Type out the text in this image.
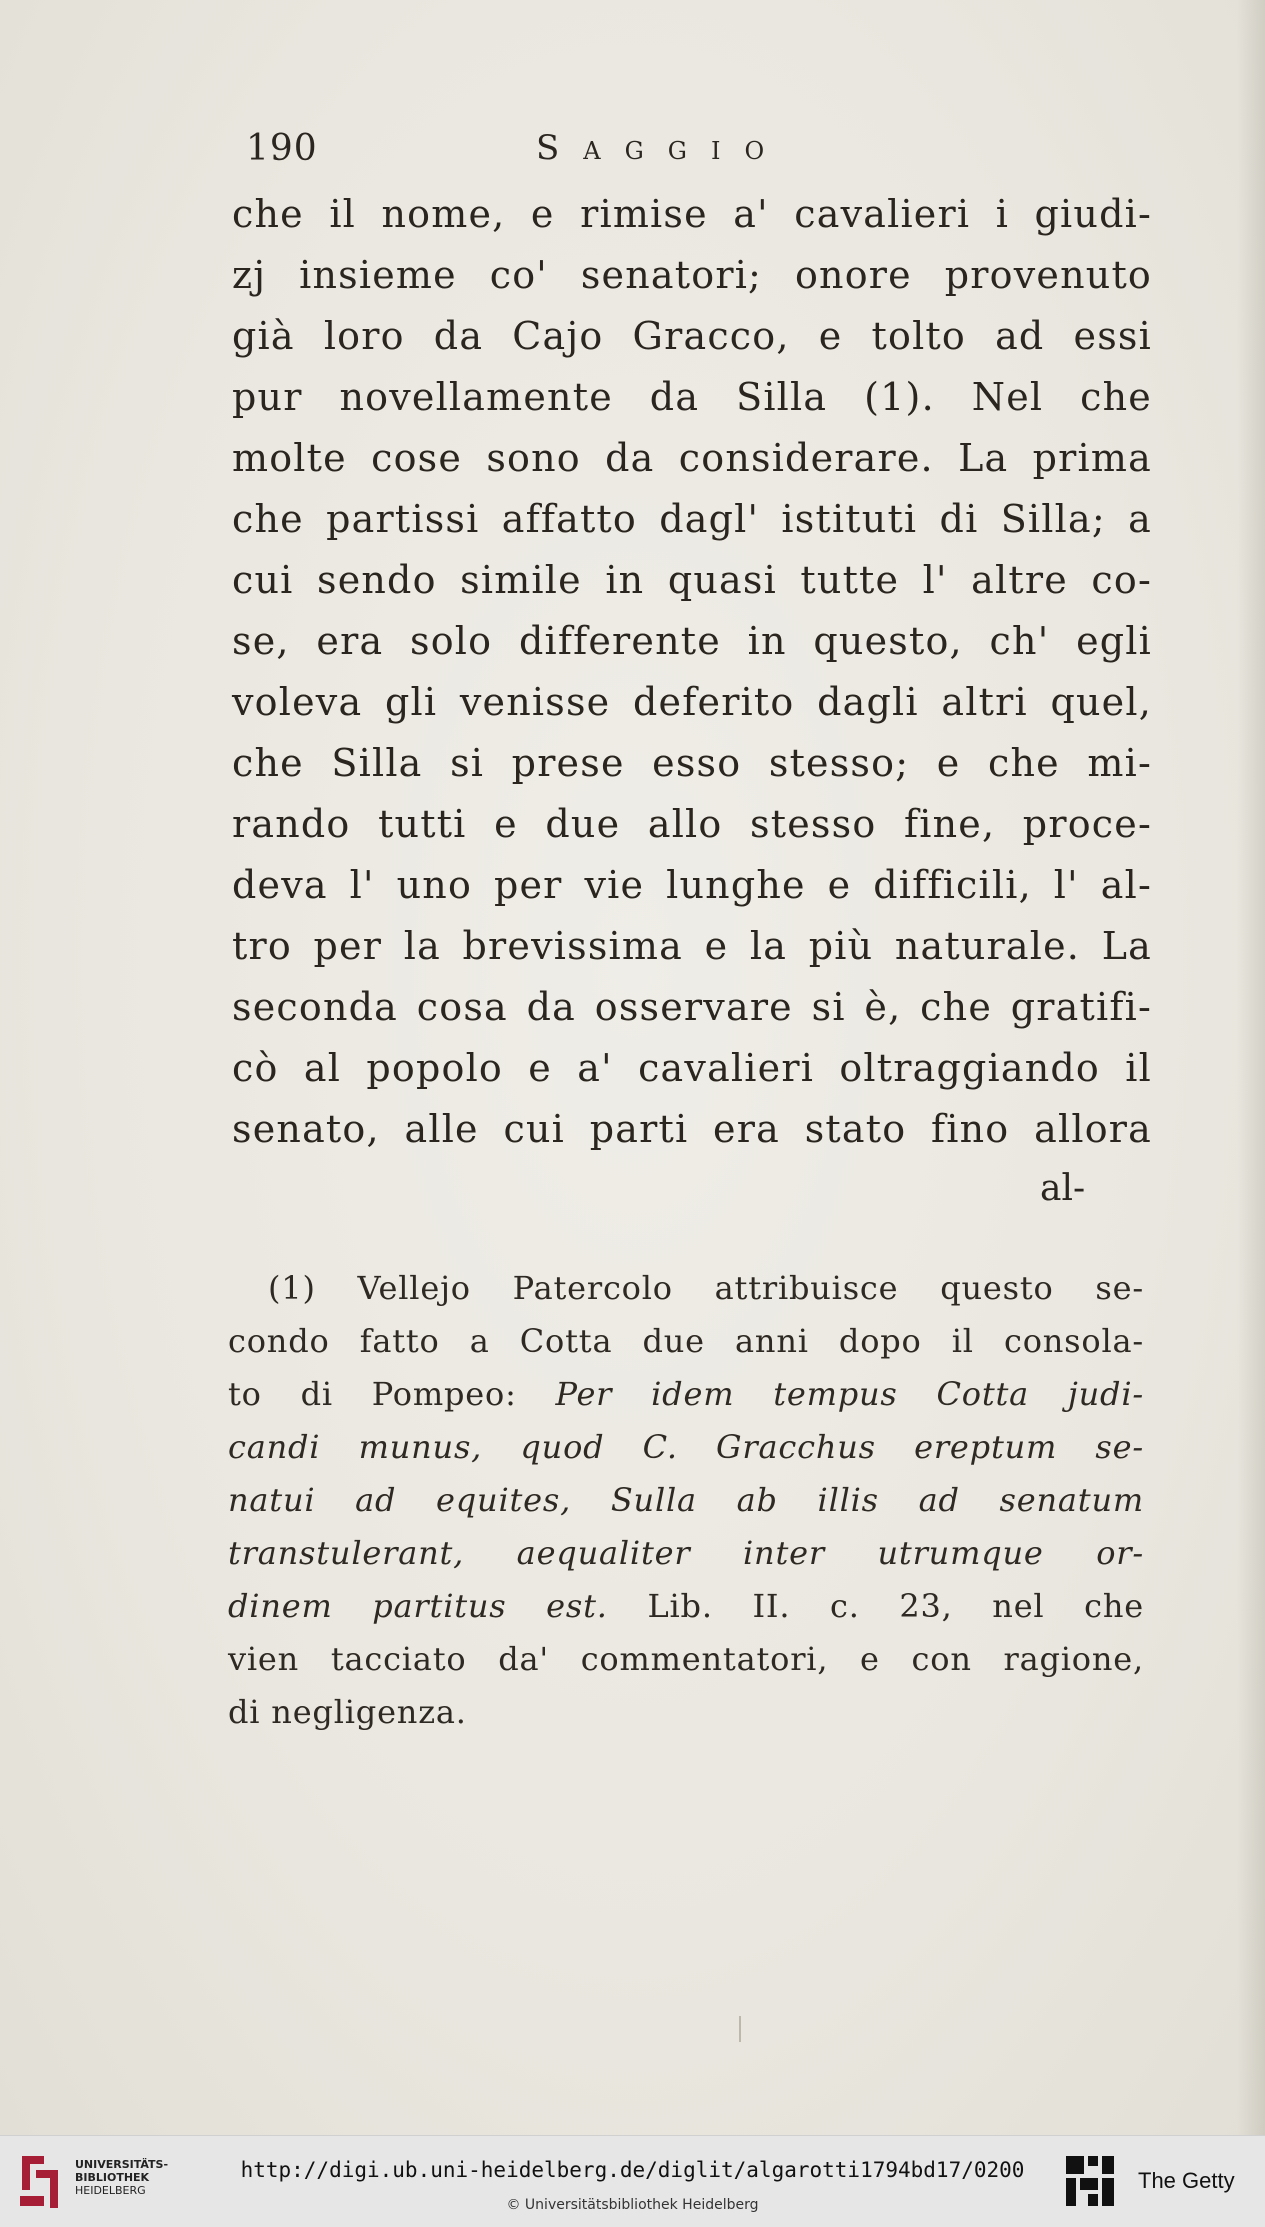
190	Saggio
che il nome, e rimise a' cavalieri i giudi-
zj insieme co' senatori; onore provenuto
già loro da Cajo Gracco, e tolto ad essi
pur novellamente da Silla (1). Nel che
molte cose sono da considerare. La prima
che partissi affatto dagl' istituti di Silla; a
cui sendo simile in quasi tutte l' altre co-
se, era solo differente in questo, ch' egli
voleva gli venisse deferito dagli altri quel,
che Silla si prese esso stesso; e che mi-
rando tutti e due allo stesso fine, proce-
deva l' uno per vie lunghe e difficili, l' al-
tro per la brevissima e la più naturale. La
seconda cosa da osservare si è, che gratifi-
cò al popolo e a' cavalieri oltraggiando il
senato, alle cui parti era stato fino allora
al-
(1) Vellejo Patercolo attribuisce questo se-
condo fatto a Cotta due anni dopo il consola-
to di Pompeo: Per idem tempus Cotta judi-
candi munus, quod C. Gracchus ereptum se-
natui ad equites, Sulla ab illis ad senatum
transtulerant, aequaliter inter utrumque or-
dinem partitus est. Lib. II. c. 23, nel che
vien tacciato da' commentatori, e con ragione,
di negligenza.
UNIVERSITÄTS-
BIBLIOTHEK
HEIDELBERG
http://digi.ub.uni-heidelberg.de/diglit/algarotti1794bd17/0200
© Universitätsbibliothek Heidelberg
The Getty
